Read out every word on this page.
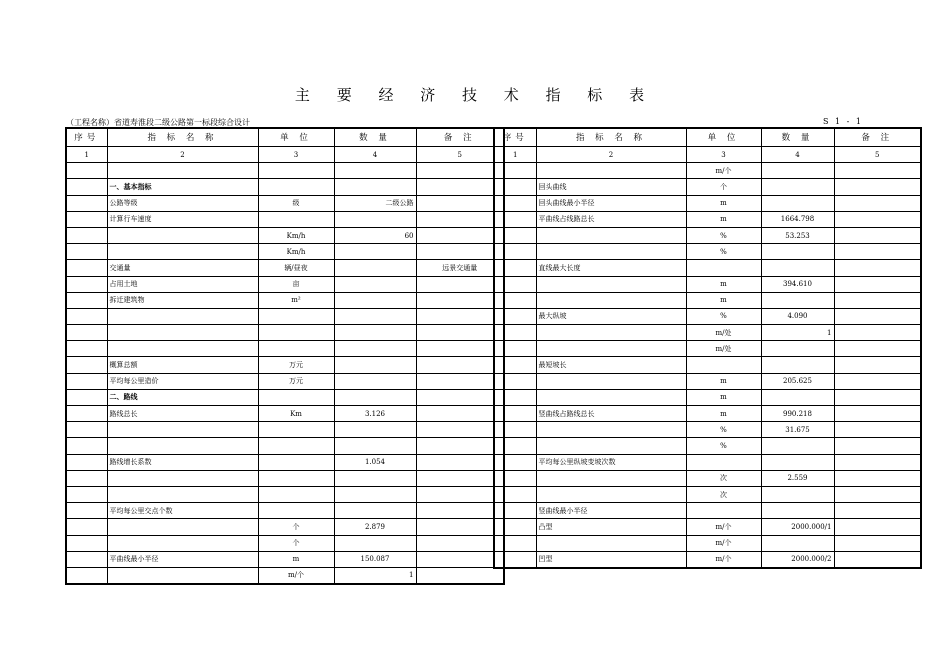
主 要 经 济 技 术 指 标 表
（工程名称）省道寿淮段二级公路第一标段综合设计	S 1 - 1
序号	指 标 名 称	单 位	数 量	备 注
1	2	3	4	5

	一、基本指标			
	公路等级	级	二级公路	
	计算行车速度			
		Km/h	60	
		Km/h		
	交通量	辆/昼夜		远景交通量
	占用土地	亩		
	拆迁建筑物	m²		

	概算总额	万元		
	平均每公里造价	万元		
	二、路线			
	路线总长	Km	3.126	

	路线增长系数		1.054	

	平均每公里交点个数			
		个	2.879	
		个		
	平曲线最小半径	m	150.087	
		m/个	1	
序号	指 标 名 称	单 位	数 量	备 注
1	2	3	4	5
		m/个		
	回头曲线	个		
	回头曲线最小半径	m		
	平曲线占线路总长	m	1664.798	
		%	53.253	
		%		
	直线最大长度			
		m	394.610	
		m		
	最大纵坡	%	4.090	
		m/处	1	
		m/处		
	最短坡长			
		m	205.625	
		m		
	竖曲线占路线总长	m	990.218	
		%	31.675	
		%		
	平均每公里纵坡变坡次数			
		次	2.559	
		次		
	竖曲线最小半径			
	凸型	m/个	2000.000/1	
		m/个		
	凹型	m/个	2000.000/2	
